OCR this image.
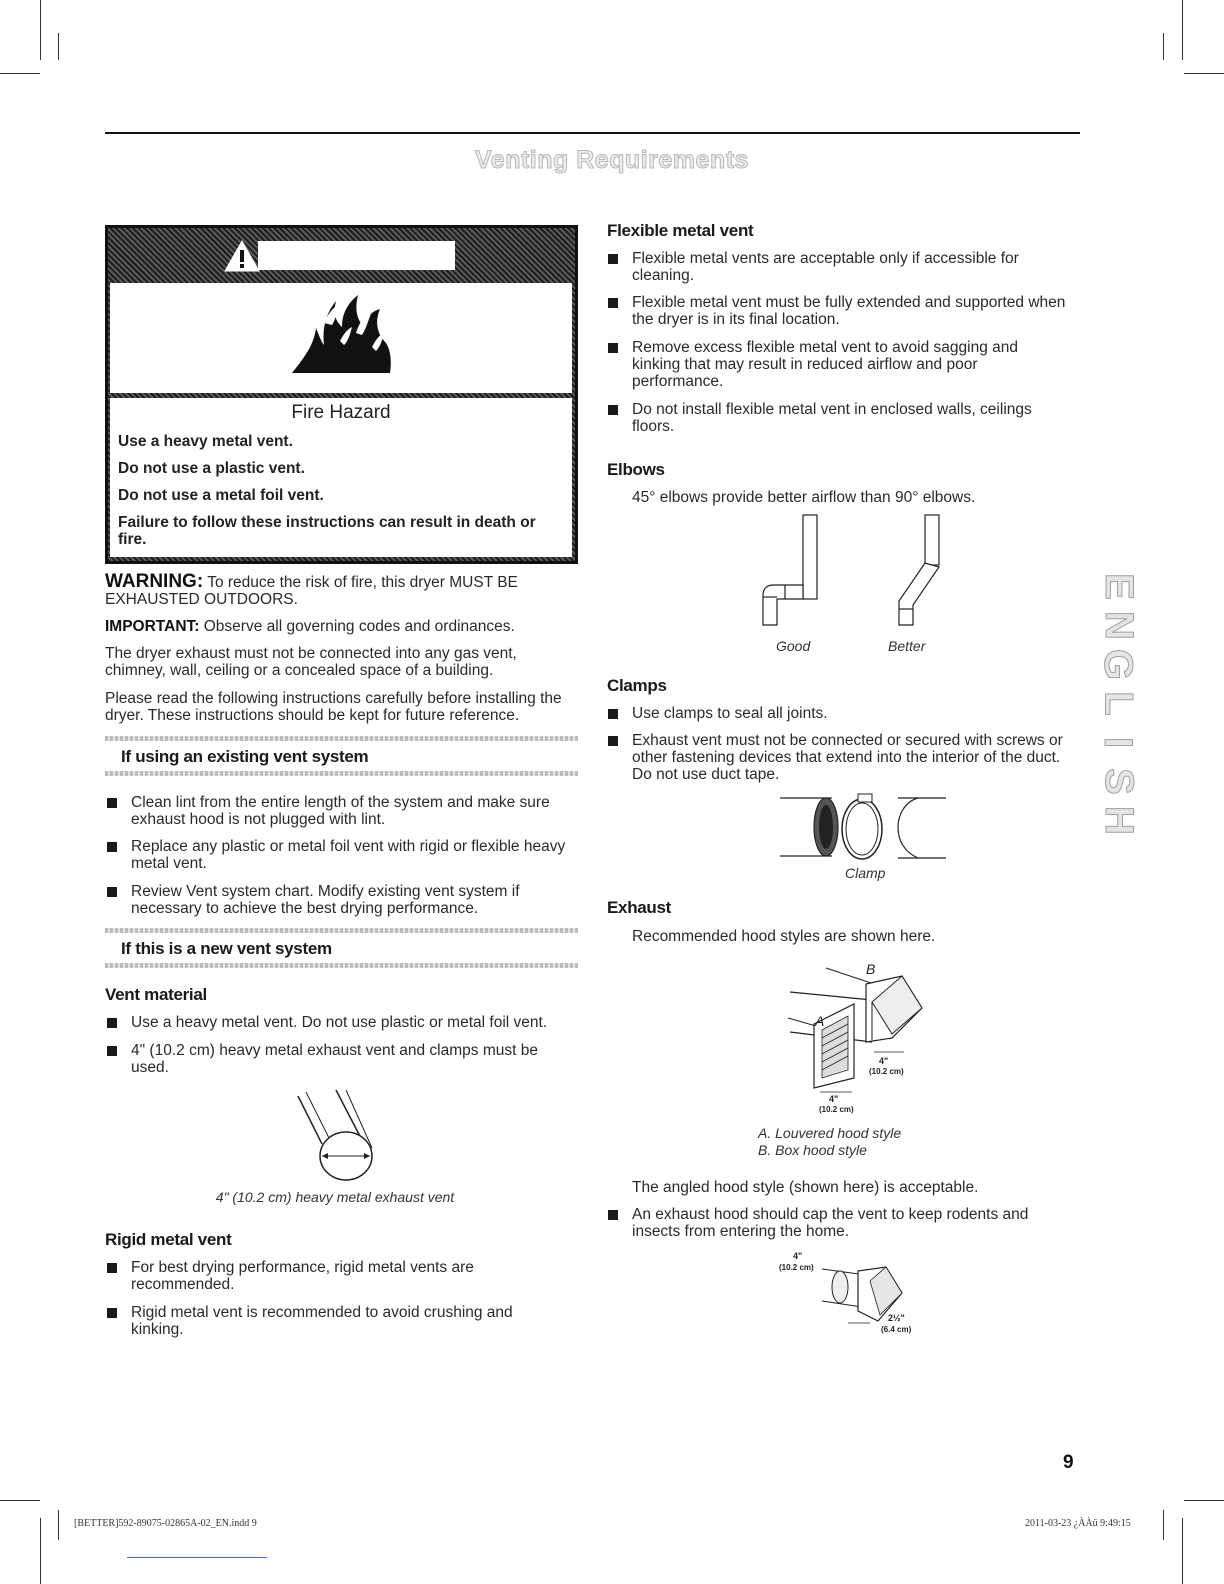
Venting Requirements
WARNING
Fire Hazard
Use a heavy metal vent.
Do not use a plastic vent.
Do not use a metal foil vent.
Failure to follow these instructions can result in death or fire.
WARNING: To reduce the risk of fire, this dryer MUST BE EXHAUSTED OUTDOORS.
IMPORTANT: Observe all governing codes and ordinances.
The dryer exhaust must not be connected into any gas vent, chimney, wall, ceiling or a concealed space of a building.
Please read the following instructions carefully before installing the dryer. These instructions should be kept for future reference.
If using an existing vent system
Clean lint from the entire length of the system and make sure exhaust hood is not plugged with lint.
Replace any plastic or metal foil vent with rigid or flexible heavy metal vent.
Review Vent system chart. Modify existing vent system if necessary to achieve the best drying performance.
If this is a new vent system
Vent material
Use a heavy metal vent. Do not use plastic or metal foil vent.
4" (10.2 cm) heavy metal exhaust vent and clamps must be used.
4" (10.2 cm) heavy metal exhaust vent
Rigid metal vent
For best drying performance, rigid metal vents are recommended.
Rigid metal vent is recommended to avoid crushing and kinking.
Flexible metal vent
Flexible metal vents are acceptable only if accessible for cleaning.
Flexible metal vent must be fully extended and supported when the dryer is in its final location.
Remove excess flexible metal vent to avoid sagging and kinking that may result in reduced airflow and poor performance.
Do not install flexible metal vent in enclosed walls, ceilings floors.
Elbows
45° elbows provide better airflow than 90° elbows.
Good	Better
Clamps
Use clamps to seal all joints.
Exhaust vent must not be connected or secured with screws or other fastening devices that extend into the interior of the duct. Do not use duct tape.
Clamp
Exhaust
Recommended hood styles are shown here.
B
A
4"
(10.2 cm)
4"
(10.2 cm)
A. Louvered hood style
B. Box hood style
The angled hood style (shown here) is acceptable.
An exhaust hood should cap the vent to keep rodents and insects from entering the home.
4"
(10.2 cm)
2½"
(6.4 cm)
E
N
G
L
I
S
H
9
[BETTER]592-89075-02865A-02_EN.indd 9	2011-03-23 ¿ÀÀü 9:49:15
